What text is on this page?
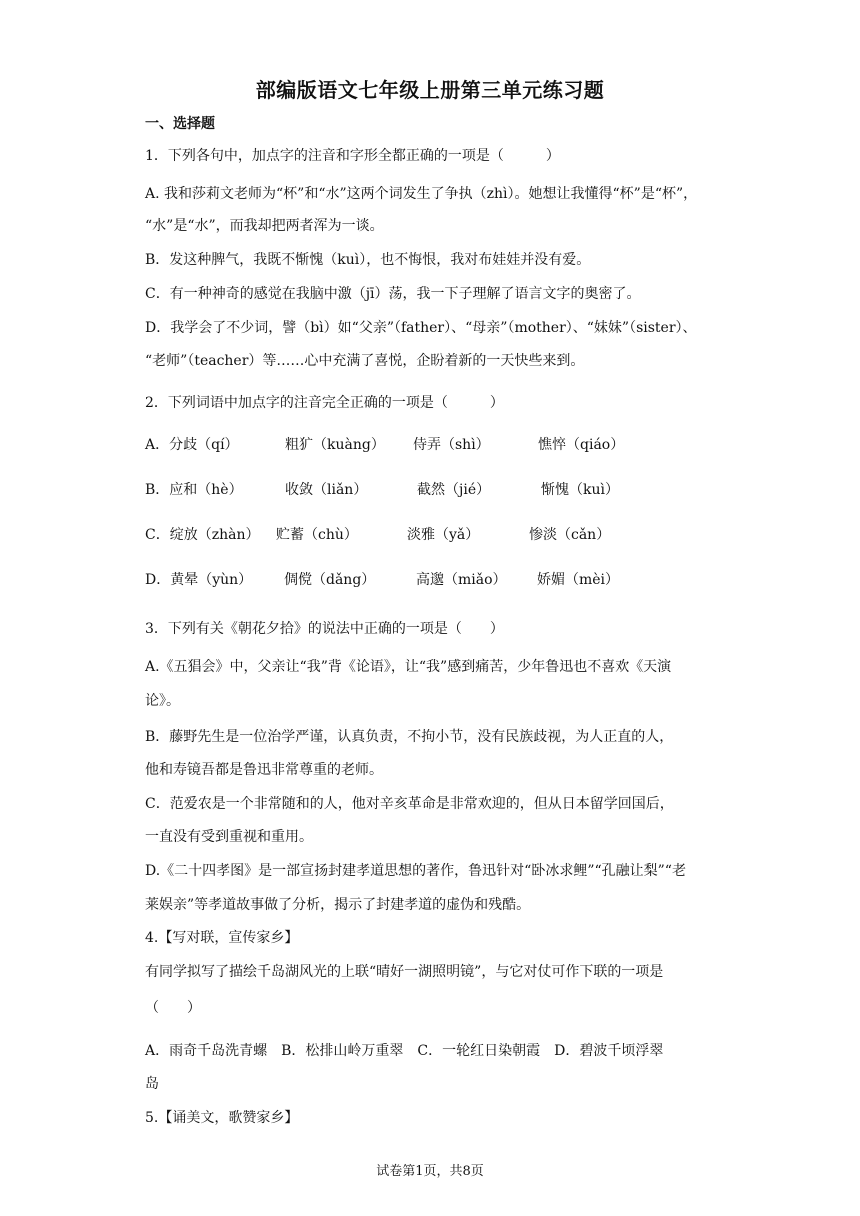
部编版语文七年级上册第三单元练习题
一、选择题
1．下列各句中，加点字的注音和字形全都正确的一项是（　　　）
A. 我和莎莉文老师为“杯”和“水”这两个词发生了争执（zhì）。她想让我懂得“杯”是“杯”，
“水”是“水”，而我却把两者浑为一谈。
B．发这种脾气，我既不惭愧（kuì），也不悔恨，我对布娃娃并没有爱。
C．有一种神奇的感觉在我脑中激（jī）荡，我一下子理解了语言文字的奥密了。
D．我学会了不少词，譬（bì）如“父亲”（father）、“母亲”（mother）、“妹妹”（sister）、
“老师”（teacher）等……心中充满了喜悦，企盼着新的一天快些来到。
2．下列词语中加点字的注音完全正确的一项是（　　　）
A．分歧（qí）	粗犷（kuàng） 侍弄（shì）	憔悴（qiáo）
B．应和（hè）	收敛（liǎn）	截然（jié）	惭愧（kuì）
C．绽放（zhàn） 贮蓄（chù）	淡雅（yǎ）	惨淡（cǎn）
D．黄晕（yùn） 倜傥（dǎng）	高邈（miǎo） 娇媚（mèi）
3．下列有关《朝花夕拾》的说法中正确的一项是（　　）
A.《五猖会》中，父亲让“我”背《论语》，让“我”感到痛苦，少年鲁迅也不喜欢《天演
论》。
B．藤野先生是一位治学严谨，认真负责，不拘小节，没有民族歧视，为人正直的人，
他和寿镜吾都是鲁迅非常尊重的老师。
C．范爱农是一个非常随和的人，他对辛亥革命是非常欢迎的，但从日本留学回国后，
一直没有受到重视和重用。
D.《二十四孝图》是一部宣扬封建孝道思想的著作，鲁迅针对“卧冰求鲤”“孔融让梨”“老
莱娱亲”等孝道故事做了分析，揭示了封建孝道的虚伪和残酷。
4.【写对联，宣传家乡】
有同学拟写了描绘千岛湖风光的上联“晴好一湖照明镜”，与它对仗可作下联的一项是
（　　）
A．雨奇千岛洗青螺　B．松排山岭万重翠　C．一轮红日染朝霞　D．碧波千顷浮翠
岛
5.【诵美文，歌赞家乡】
试卷第1页，共8页
